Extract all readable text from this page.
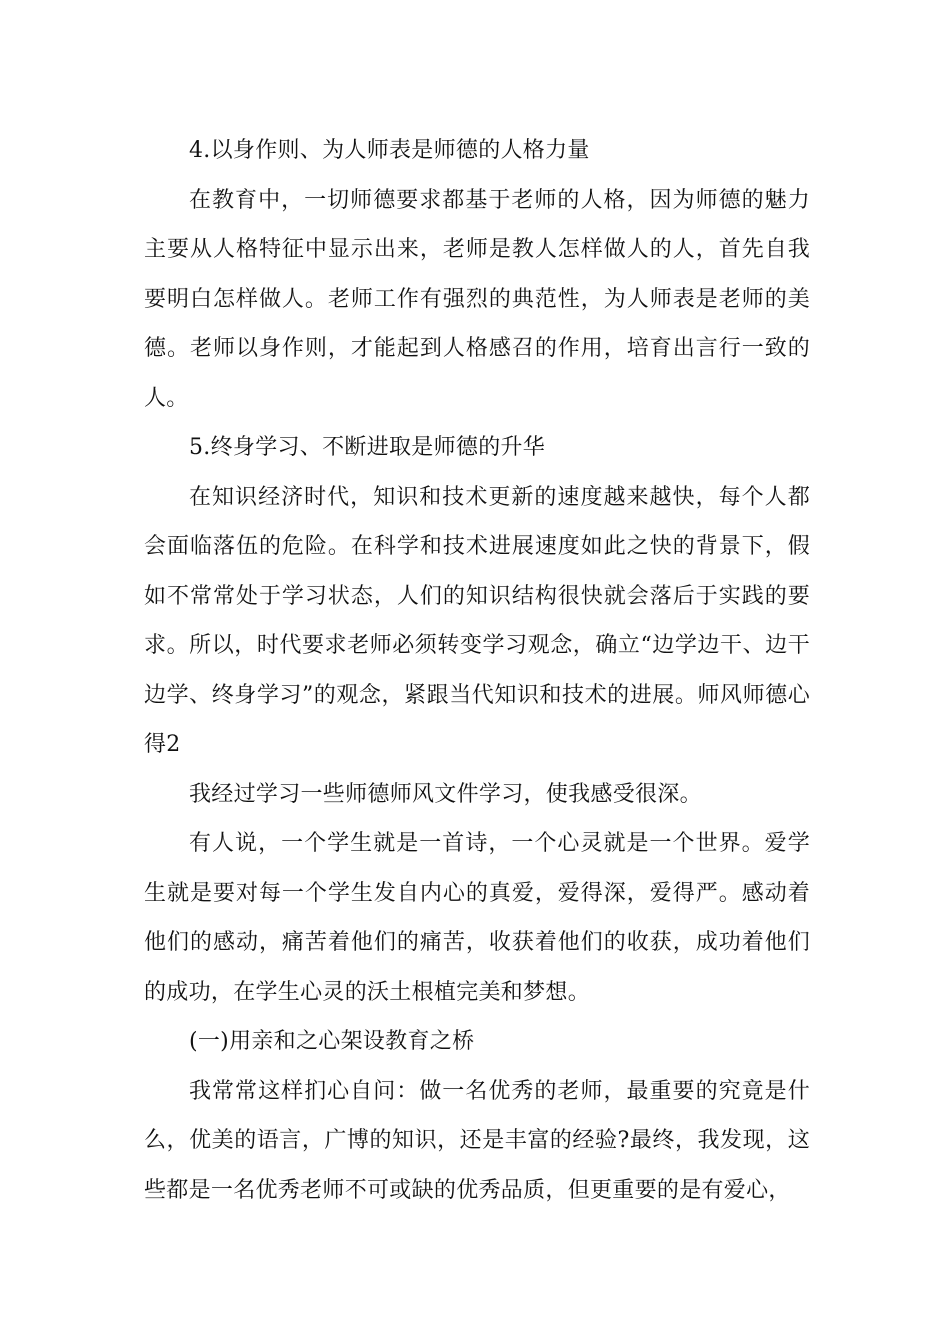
4.以身作则、为人师表是师德的人格力量

在教育中，一切师德要求都基于老师的人格，因为师德的魅力主要从人格特征中显示出来，老师是教人怎样做人的人，首先自我要明白怎样做人。老师工作有强烈的典范性，为人师表是老师的美德。老师以身作则，才能起到人格感召的作用，培育出言行一致的人。

5.终身学习、不断进取是师德的升华

在知识经济时代，知识和技术更新的速度越来越快，每个人都会面临落伍的危险。在科学和技术进展速度如此之快的背景下，假如不常常处于学习状态，人们的知识结构很快就会落后于实践的要求。所以，时代要求老师必须转变学习观念，确立“边学边干、边干边学、终身学习”的观念，紧跟当代知识和技术的进展。师风师德心得2

我经过学习一些师德师风文件学习，使我感受很深。

有人说，一个学生就是一首诗，一个心灵就是一个世界。爱学生就是要对每一个学生发自内心的真爱，爱得深，爱得严。感动着他们的感动，痛苦着他们的痛苦，收获着他们的收获，成功着他们的成功，在学生心灵的沃土根植完美和梦想。

(一)用亲和之心架设教育之桥

我常常这样扪心自问：做一名优秀的老师，最重要的究竟是什么，优美的语言，广博的知识，还是丰富的经验?最终，我发现，这些都是一名优秀老师不可或缺的优秀品质，但更重要的是有爱心，
